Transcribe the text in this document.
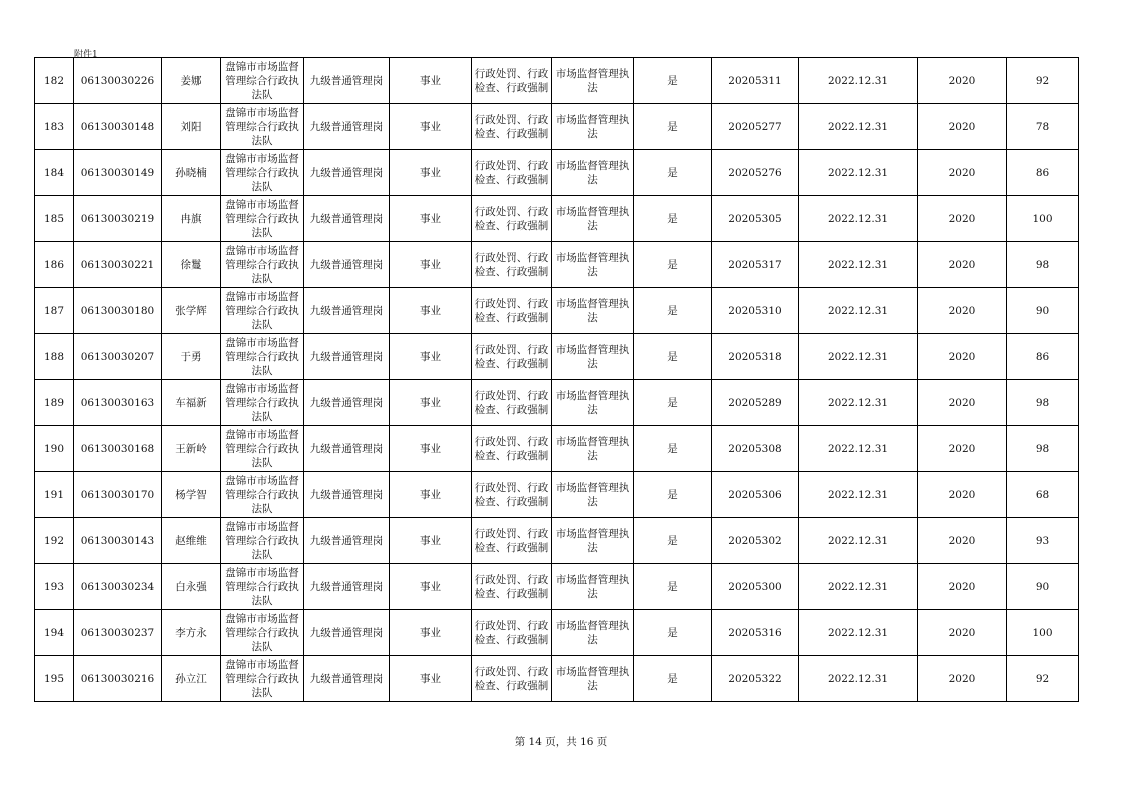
附件1
182	06130030226	姜娜	盘锦市市场监督管理综合行政执法队	九级普通管理岗	事业	行政处罚、行政检查、行政强制	市场监督管理执法	是	20205311	2022.12.31	2020	92
183	06130030148	刘阳	盘锦市市场监督管理综合行政执法队	九级普通管理岗	事业	行政处罚、行政检查、行政强制	市场监督管理执法	是	20205277	2022.12.31	2020	78
184	06130030149	孙晓楠	盘锦市市场监督管理综合行政执法队	九级普通管理岗	事业	行政处罚、行政检查、行政强制	市场监督管理执法	是	20205276	2022.12.31	2020	86
185	06130030219	冉旗	盘锦市市场监督管理综合行政执法队	九级普通管理岗	事业	行政处罚、行政检查、行政强制	市场监督管理执法	是	20205305	2022.12.31	2020	100
186	06130030221	徐鬘	盘锦市市场监督管理综合行政执法队	九级普通管理岗	事业	行政处罚、行政检查、行政强制	市场监督管理执法	是	20205317	2022.12.31	2020	98
187	06130030180	张学辉	盘锦市市场监督管理综合行政执法队	九级普通管理岗	事业	行政处罚、行政检查、行政强制	市场监督管理执法	是	20205310	2022.12.31	2020	90
188	06130030207	于勇	盘锦市市场监督管理综合行政执法队	九级普通管理岗	事业	行政处罚、行政检查、行政强制	市场监督管理执法	是	20205318	2022.12.31	2020	86
189	06130030163	车福新	盘锦市市场监督管理综合行政执法队	九级普通管理岗	事业	行政处罚、行政检查、行政强制	市场监督管理执法	是	20205289	2022.12.31	2020	98
190	06130030168	王新岭	盘锦市市场监督管理综合行政执法队	九级普通管理岗	事业	行政处罚、行政检查、行政强制	市场监督管理执法	是	20205308	2022.12.31	2020	98
191	06130030170	杨学智	盘锦市市场监督管理综合行政执法队	九级普通管理岗	事业	行政处罚、行政检查、行政强制	市场监督管理执法	是	20205306	2022.12.31	2020	68
192	06130030143	赵维维	盘锦市市场监督管理综合行政执法队	九级普通管理岗	事业	行政处罚、行政检查、行政强制	市场监督管理执法	是	20205302	2022.12.31	2020	93
193	06130030234	白永强	盘锦市市场监督管理综合行政执法队	九级普通管理岗	事业	行政处罚、行政检查、行政强制	市场监督管理执法	是	20205300	2022.12.31	2020	90
194	06130030237	李方永	盘锦市市场监督管理综合行政执法队	九级普通管理岗	事业	行政处罚、行政检查、行政强制	市场监督管理执法	是	20205316	2022.12.31	2020	100
195	06130030216	孙立江	盘锦市市场监督管理综合行政执法队	九级普通管理岗	事业	行政处罚、行政检查、行政强制	市场监督管理执法	是	20205322	2022.12.31	2020	92
第 14 页，共 16 页
